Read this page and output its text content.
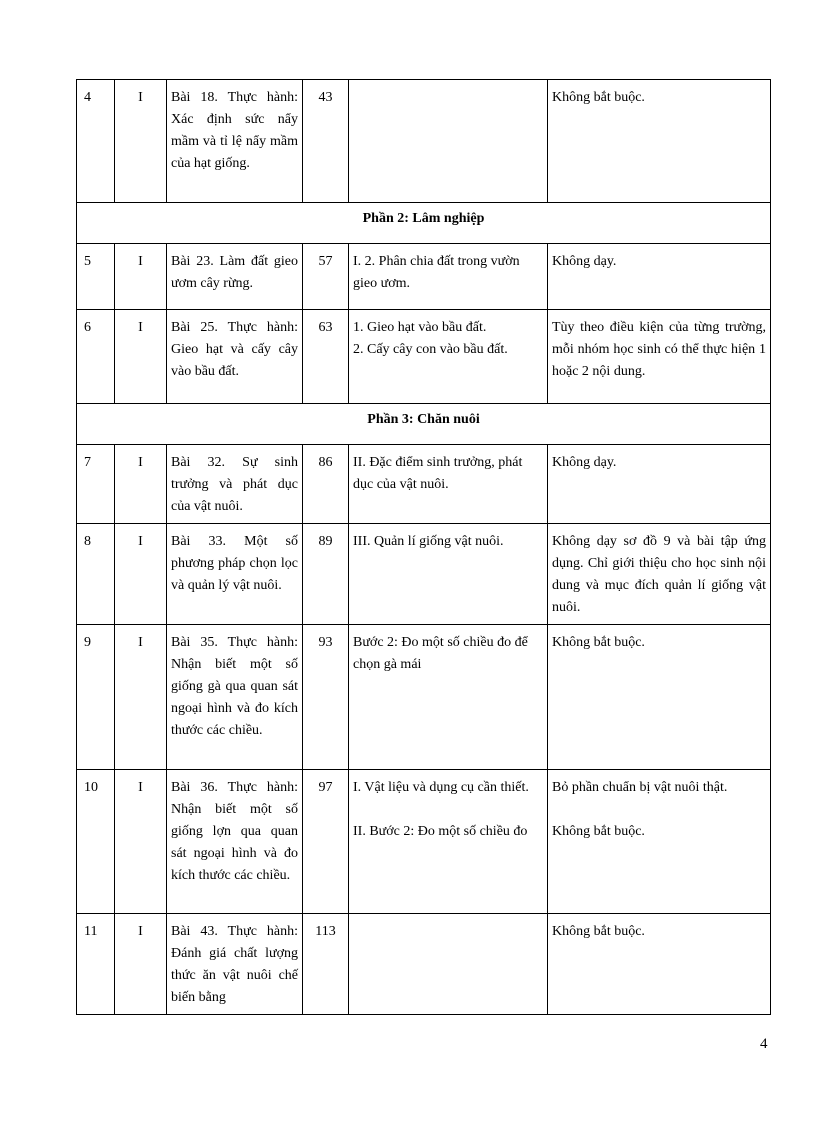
4	I	Bài 18. Thực hành: Xác định sức nẩy mầm và tỉ lệ nẩy mầm của hạt giống.	43		Không bắt buộc.

Phần 2: Lâm nghiệp					
5	I	Bài 23. Làm đất gieo ươm cây rừng.	57	I. 2. Phân chia đất trong vườn gieo ươm.	Không dạy.

6	I	Bài 25. Thực hành: Gieo hạt và cấy cây vào bầu đất.	63	1. Gieo hạt vào bầu đất.
2. Cấy cây con vào bầu đất.	Tùy theo điều kiện của từng trường, mỗi nhóm học sinh có thể thực hiện 1 hoặc 2 nội dung.

Phần 3: Chăn nuôi					
7	I	Bài 32. Sự sinh trưởng và phát dục của vật nuôi.	86	II. Đặc điểm sinh trưởng, phát dục của vật nuôi.	Không dạy.

8	I	Bài 33. Một số phương pháp chọn lọc và quản lý vật nuôi.	89	III. Quản lí giống vật nuôi.	Không dạy sơ đồ 9 và bài tập ứng dụng. Chỉ giới thiệu cho học sinh nội dung và mục đích quản lí giống vật nuôi.

9	I	Bài 35. Thực hành: Nhận biết một số giống gà qua quan sát ngoại hình và đo kích thước các chiều.	93	Bước 2: Đo một số chiều đo để chọn gà mái	Không bắt buộc.

10	I	Bài 36. Thực hành: Nhận biết một số giống lợn qua quan sát ngoại hình và đo kích thước các chiều.	97	I. Vật liệu và dụng cụ cần thiết.
II. Bước 2: Đo một số chiều đo	Bỏ phần chuẩn bị vật nuôi thật.
Không bắt buộc.

11	I	Bài 43. Thực hành: Đánh giá chất lượng thức ăn vật nuôi chế biến bằng	113		Không bắt buộc.
4
